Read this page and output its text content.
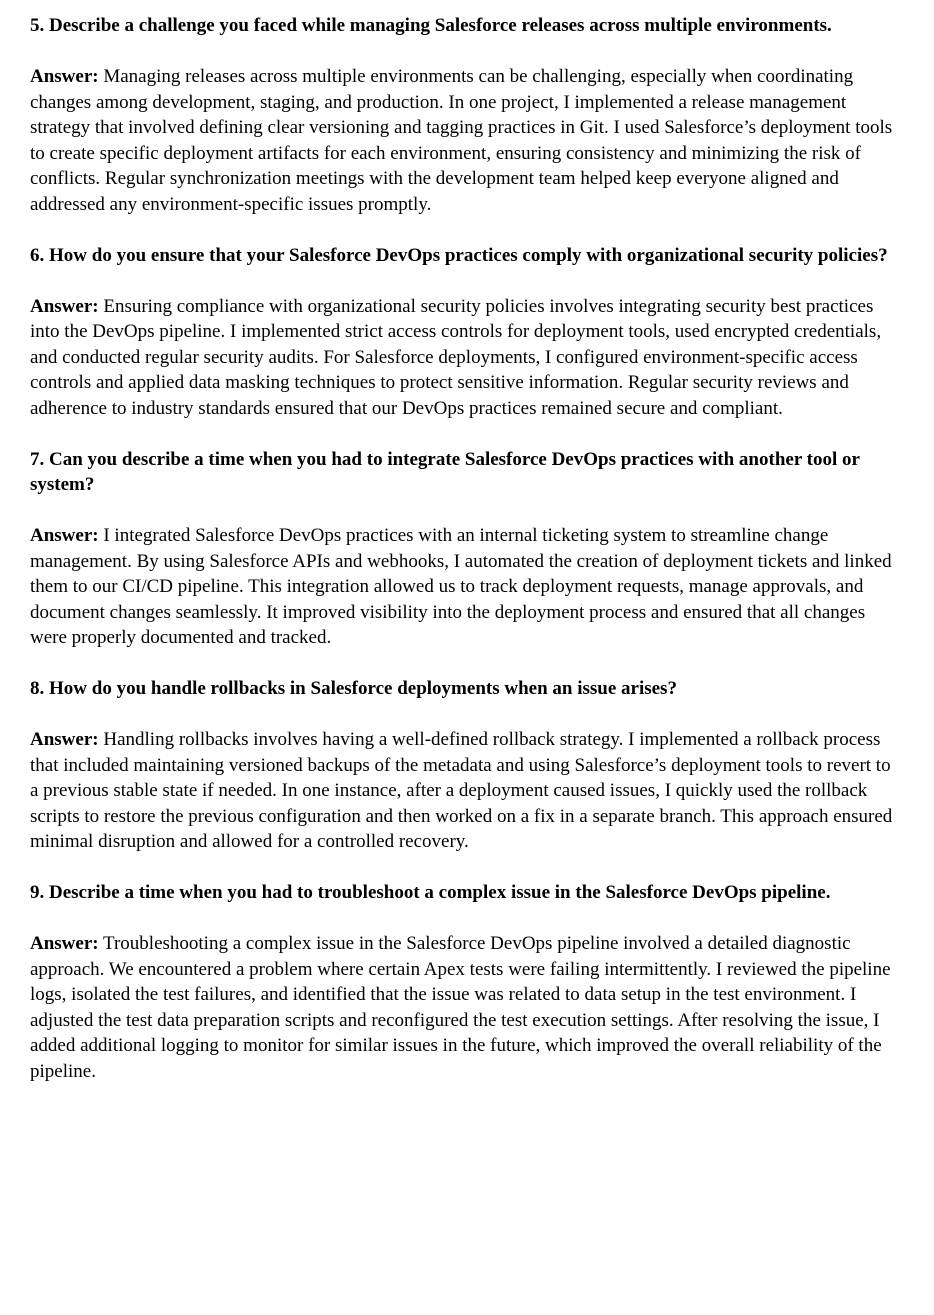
5. Describe a challenge you faced while managing Salesforce releases across multiple environments.

Answer: Managing releases across multiple environments can be challenging, especially when coordinating changes among development, staging, and production. In one project, I implemented a release management strategy that involved defining clear versioning and tagging practices in Git. I used Salesforce’s deployment tools to create specific deployment artifacts for each environment, ensuring consistency and minimizing the risk of conflicts. Regular synchronization meetings with the development team helped keep everyone aligned and addressed any environment-specific issues promptly.

6. How do you ensure that your Salesforce DevOps practices comply with organizational security policies?

Answer: Ensuring compliance with organizational security policies involves integrating security best practices into the DevOps pipeline. I implemented strict access controls for deployment tools, used encrypted credentials, and conducted regular security audits. For Salesforce deployments, I configured environment-specific access controls and applied data masking techniques to protect sensitive information. Regular security reviews and adherence to industry standards ensured that our DevOps practices remained secure and compliant.

7. Can you describe a time when you had to integrate Salesforce DevOps practices with another tool or system?

Answer: I integrated Salesforce DevOps practices with an internal ticketing system to streamline change management. By using Salesforce APIs and webhooks, I automated the creation of deployment tickets and linked them to our CI/CD pipeline. This integration allowed us to track deployment requests, manage approvals, and document changes seamlessly. It improved visibility into the deployment process and ensured that all changes were properly documented and tracked.

8. How do you handle rollbacks in Salesforce deployments when an issue arises?

Answer: Handling rollbacks involves having a well-defined rollback strategy. I implemented a rollback process that included maintaining versioned backups of the metadata and using Salesforce’s deployment tools to revert to a previous stable state if needed. In one instance, after a deployment caused issues, I quickly used the rollback scripts to restore the previous configuration and then worked on a fix in a separate branch. This approach ensured minimal disruption and allowed for a controlled recovery.

9. Describe a time when you had to troubleshoot a complex issue in the Salesforce DevOps pipeline.

Answer: Troubleshooting a complex issue in the Salesforce DevOps pipeline involved a detailed diagnostic approach. We encountered a problem where certain Apex tests were failing intermittently. I reviewed the pipeline logs, isolated the test failures, and identified that the issue was related to data setup in the test environment. I adjusted the test data preparation scripts and reconfigured the test execution settings. After resolving the issue, I added additional logging to monitor for similar issues in the future, which improved the overall reliability of the pipeline.
